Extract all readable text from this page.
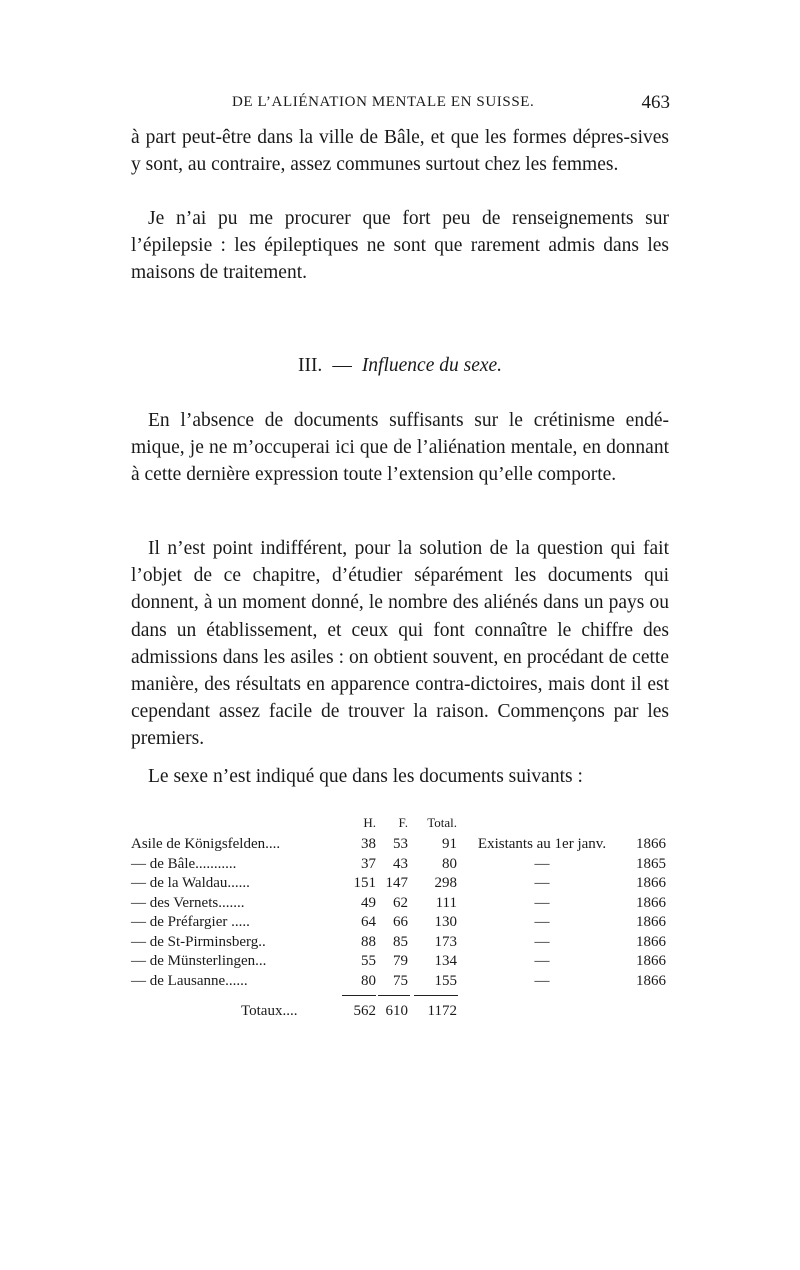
DE L’ALIÉNATION MENTALE EN SUISSE.	463

à part peut-être dans la ville de Bâle, et que les formes dépres-sives y sont, au contraire, assez communes surtout chez les femmes.

Je n’ai pu me procurer que fort peu de renseignements sur l’épilepsie : les épileptiques ne sont que rarement admis dans les maisons de traitement.

III. — Influence du sexe.

En l’absence de documents suffisants sur le crétinisme endé-mique, je ne m’occuperai ici que de l’aliénation mentale, en donnant à cette dernière expression toute l’extension qu’elle comporte.

Il n’est point indifférent, pour la solution de la question qui fait l’objet de ce chapitre, d’étudier séparément les documents qui donnent, à un moment donné, le nombre des aliénés dans un pays ou dans un établissement, et ceux qui font connaître le chiffre des admissions dans les asiles : on obtient souvent, en procédant de cette manière, des résultats en apparence contra-dictoires, mais dont il est cependant assez facile de trouver la raison. Commençons par les premiers.

Le sexe n’est indiqué que dans les documents suivants :

H.	F.	Total.
Asile de Königsfelden....	38	53	91	Existants au 1er janv.	1866
— de Bâle...........	37	43	80	—	1865
— de la Waldau......	151 147	298	—	1866
— des Vernets.......	49	62	111	—	1866
— de Préfargier .....	64	66	130	—	1866
— de St-Pirminsberg..	88	85	173	—	1866
— de Münsterlingen...	55	79	134	—	1866
— de Lausanne......	80	75	155	—	1866
Totaux....	562 610	1172
